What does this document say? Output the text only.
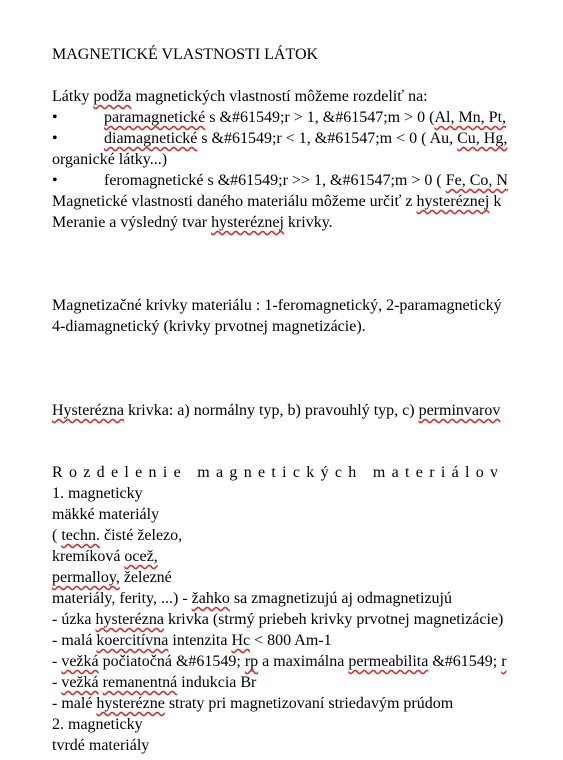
MAGNETICKÉ VLASTNOSTI LÁTOK
Látky podža magnetických vlastností môžeme rozdeliť na:
•	paramagnetické s &#61549;r > 1, &#61547;m > 0 (Al, Mn, Pt,
•	diamagnetické s &#61549;r < 1, &#61547;m < 0 ( Au, Cu, Hg,
organické látky...)
•	feromagnetické s &#61549;r >> 1, &#61547;m > 0 ( Fe, Co, N
Magnetické vlastnosti daného materiálu môžeme určiť z hysteréznej k
Meranie a výsledný tvar hysteréznej krivky.
Magnetizačné krivky materiálu : 1-feromagnetický, 2-paramagnetický
4-diamagnetický (krivky prvotnej magnetizácie).
Hysterézna krivka: a) normálny typ, b) pravouhlý typ, c) perminvarov
Rozdelenie magnetických materiálov
1. magneticky
mäkké materiály
( techn. čisté železo,
kremíková ocež,
permalloy, železné
materiály, ferity, ...) - žahko sa zmagnetizujú aj odmagnetizujú
- úzka hysterézna krivka (strmý priebeh krivky prvotnej magnetizácie)
- malá koercitívna intenzita Hc < 800 Am-1
- vežká počiatočná &#61549; rp a maximálna permeabilita &#61549; r
- vežká remanentná indukcia Br
- malé hysterézne straty pri magnetizovaní striedavým prúdom
2. magneticky
tvrdé materiály
